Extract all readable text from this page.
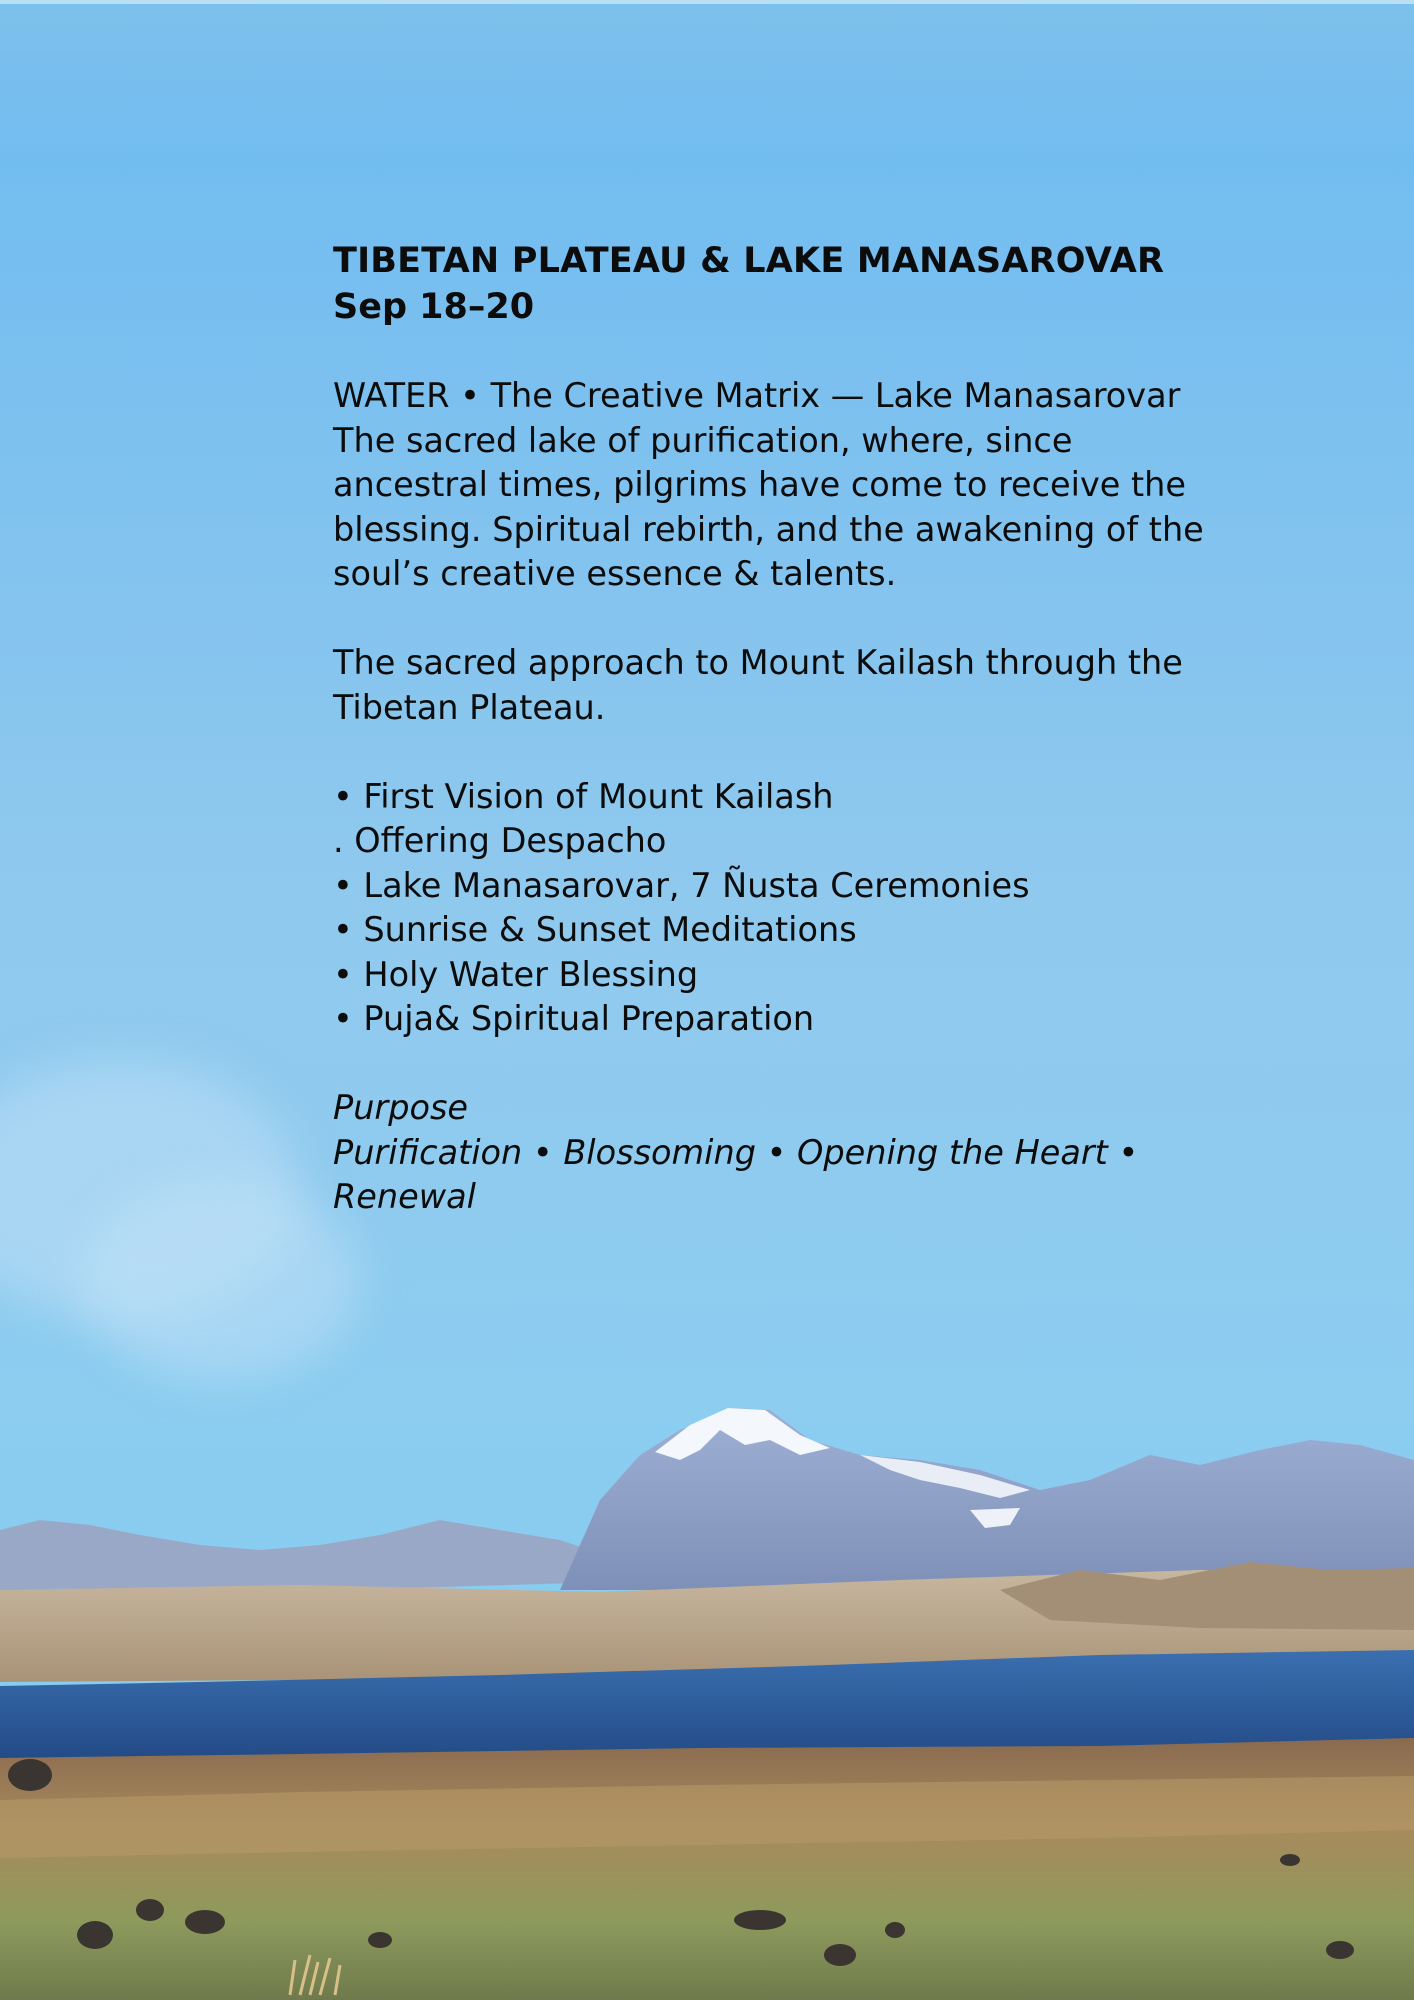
TIBETAN PLATEAU & LAKE MANASAROVAR

Sep 18–20

WATER • The Creative Matrix — Lake Manasarovar
The sacred lake of purification, where, since ancestral times, pilgrims have come to receive the blessing. Spiritual rebirth, and the awakening of the soul’s creative essence & talents.

The sacred approach to Mount Kailash through the Tibetan Plateau.

• First Vision of Mount Kailash
. Offering Despacho
• Lake Manasarovar, 7 Ñusta Ceremonies
• Sunrise & Sunset Meditations
• Holy Water Blessing
• Puja& Spiritual Preparation

Purpose

Purification • Blossoming • Opening the Heart • Renewal
